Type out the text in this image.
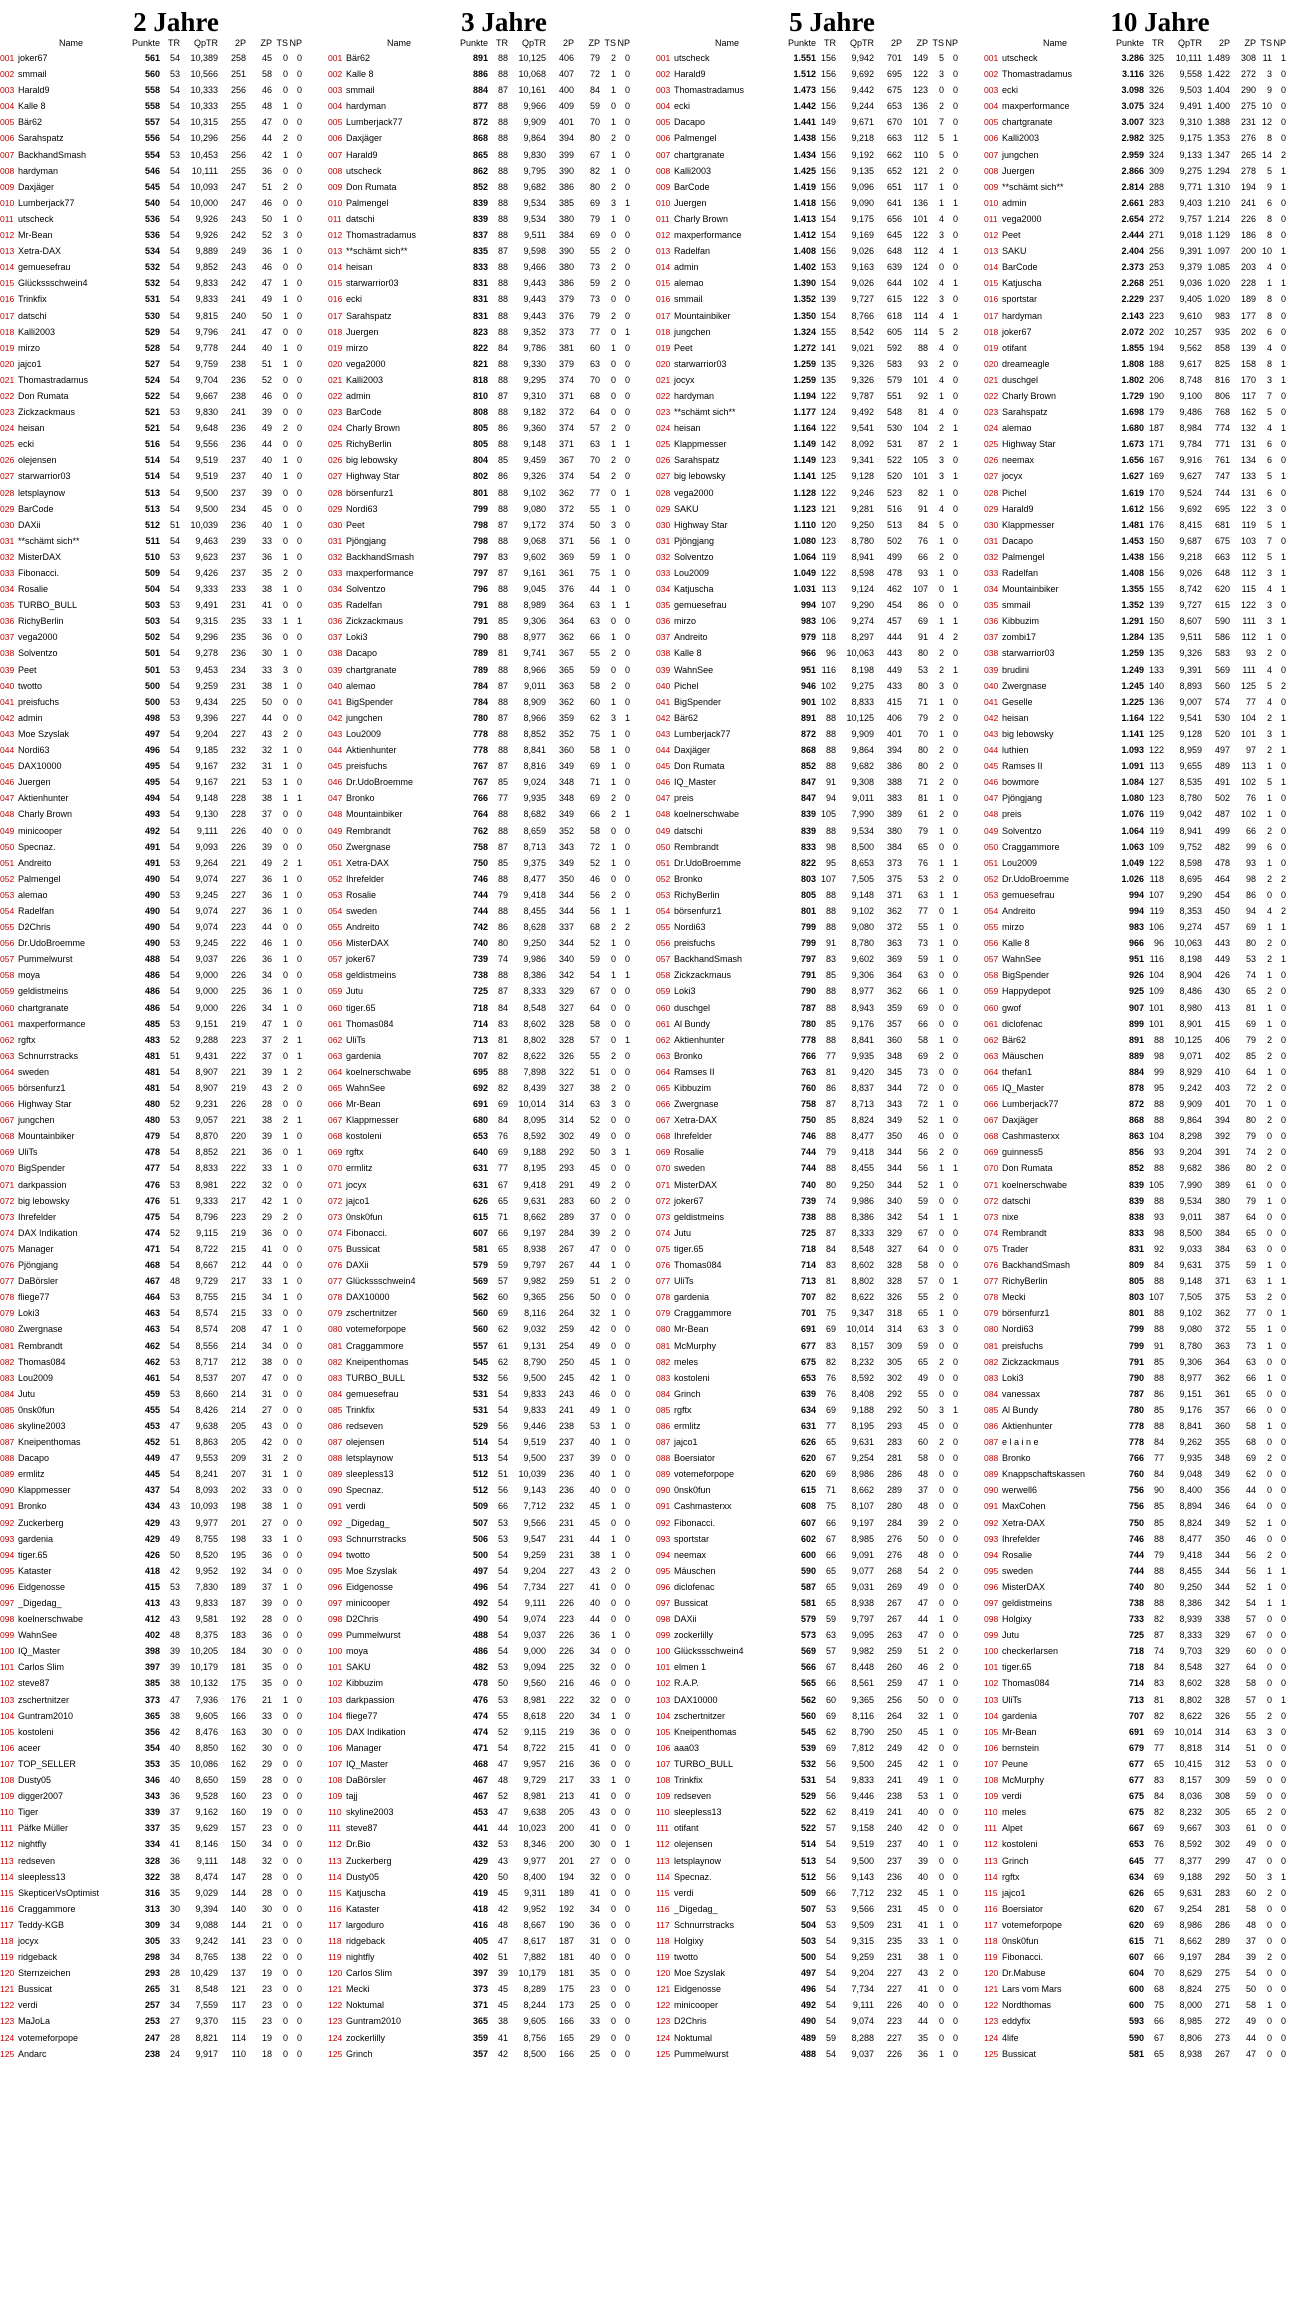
2 Jahre
Name	Punkte TR	QpTR	2P	ZP TS NP
001 joker67	561	54	10,389	258	45	0 0
002 smmail	560	53	10,566	251	58	0 0
003 Harald9	558	54	10,333	256	46	0 0
004 Kalle 8	558	54	10,333	255	48	1 0
005 Bär62	557	54	10,315	255	47	0 0
006 Sarahspatz	556	54	10,296	256	44	2 0
007 BackhandSmash	554	53	10,453	256	42	1 0
008 hardyman	546	54	10,111	255	36	0 0
009 Daxjäger	545	54	10,093	247	51	2 0
010 Lumberjack77	540	54	10,000	247	46	0 0
011 utscheck	536	54	9,926	243	50	1 0
012 Mr-Bean	536	54	9,926	242	52	3 0
013 Xetra-DAX	534	54	9,889	249	36	1 0
014 gemuesefrau	532	54	9,852	243	46	0 0
015 Glückssschwein4	532	54	9,833	242	47	1 0
016 Trinkfix	531	54	9,833	241	49	1 0
017 datschi	530	54	9,815	240	50	1 0
018 Kalli2003	529	54	9,796	241	47	0 0
019 mirzo	528	54	9,778	244	40	1 0
020 jajco1	527	54	9,759	238	51	1 0
021 Thomastradamus	524	54	9,704	236	52	0 0
022 Don Rumata	522	54	9,667	238	46	0 0
023 Zickzackmaus	521	53	9,830	241	39	0 0
024 heisan	521	54	9,648	236	49	2 0
025 ecki	516	54	9,556	236	44	0 0
026 olejensen	514	54	9,519	237	40	1 0
027 starwarrior03	514	54	9,519	237	40	1 0
028 letsplaynow	513	54	9,500	237	39	0 0
029 BarCode	513	54	9,500	234	45	0 0
030 DAXii	512	51	10,039	236	40	1 0
031 **schämt sich**	511	54	9,463	239	33	0 0
032 MisterDAX	510	53	9,623	237	36	1 0
033 Fibonacci.	509	54	9,426	237	35	2 0
034 Rosalie	504	54	9,333	233	38	1 0
035 TURBO_BULL	503	53	9,491	231	41	0 0
036 RichyBerlin	503	54	9,315	235	33	1 1
037 vega2000	502	54	9,296	235	36	0 0
038 Solventzo	501	54	9,278	236	30	1 0
039 Peet	501	53	9,453	234	33	3 0
040 twotto	500	54	9,259	231	38	1 0
041 preisfuchs	500	53	9,434	225	50	0 0
042 admin	498	53	9,396	227	44	0 0
043 Moe Szyslak	497	54	9,204	227	43	2 0
044 Nordi63	496	54	9,185	232	32	1 0
045 DAX10000	495	54	9,167	232	31	1 0
046 Juergen	495	54	9,167	221	53	1 0
047 Aktienhunter	494	54	9,148	228	38	1 1
048 Charly Brown	493	54	9,130	228	37	0 0
049 minicooper	492	54	9,111	226	40	0 0
050 Specnaz.	491	54	9,093	226	39	0 0
051 Andreito	491	53	9,264	221	49	2 1
052 Palmengel	490	54	9,074	227	36	1 0
053 alemao	490	53	9,245	227	36	1 0
054 Radelfan	490	54	9,074	227	36	1 0
055 D2Chris	490	54	9,074	223	44	0 0
056 Dr.UdoBroemme	490	53	9,245	222	46	1 0
057 Pummelwurst	488	54	9,037	226	36	1 0
058 moya	486	54	9,000	226	34	0 0
059 geldistmeins	486	54	9,000	225	36	1 0
060 chartgranate	486	54	9,000	226	34	1 0
061 maxperformance	485	53	9,151	219	47	1 0
062 rgftx	483	52	9,288	223	37	2 1
063 Schnurrstracks	481	51	9,431	222	37	0 1
064 sweden	481	54	8,907	221	39	1 2
065 börsenfurz1	481	54	8,907	219	43	2 0
066 Highway Star	480	52	9,231	226	28	0 0
067 jungchen	480	53	9,057	221	38	2 1
068 Mountainbiker	479	54	8,870	220	39	1 0
069 UliTs	478	54	8,852	221	36	0 1
070 BigSpender	477	54	8,833	222	33	1 0
071 darkpassion	476	53	8,981	222	32	0 0
072 big lebowsky	476	51	9,333	217	42	1 0
073 Ihrefelder	475	54	8,796	223	29	2 0
074 DAX Indikation	474	52	9,115	219	36	0 0
075 Manager	471	54	8,722	215	41	0 0
076 Pjöngjang	468	54	8,667	212	44	0 0
077 DaBörsler	467	48	9,729	217	33	1 0
078 fliege77	464	53	8,755	215	34	1 0
079 Loki3	463	54	8,574	215	33	0 0
080 Zwergnase	463	54	8,574	208	47	1 0
081 Rembrandt	462	54	8,556	214	34	0 0
082 Thomas084	462	53	8,717	212	38	0 0
083 Lou2009	461	54	8,537	207	47	0 0
084 Jutu	459	53	8,660	214	31	0 0
085 0nsk0fun	455	54	8,426	214	27	0 0
086 skyline2003	453	47	9,638	205	43	0 0
087 Kneipenthomas	452	51	8,863	205	42	0 0
088 Dacapo	449	47	9,553	209	31	2 0
089 ermlitz	445	54	8,241	207	31	1 0
090 Klappmesser	437	54	8,093	202	33	0 0
091 Bronko	434	43	10,093	198	38	1 0
092 Zuckerberg	429	43	9,977	201	27	0 0
093 gardenia	429	49	8,755	198	33	1 0
094 tiger.65	426	50	8,520	195	36	0 0
095 Kataster	418	42	9,952	192	34	0 0
096 Eidgenosse	415	53	7,830	189	37	1 0
097 _Digedag_	413	43	9,833	187	39	0 0
098 koelnerschwabe	412	43	9,581	192	28	0 0
099 WahnSee	402	48	8,375	183	36	0 0
100 IQ_Master	398	39	10,205	184	30	0 0
101 Carlos Slim	397	39	10,179	181	35	0 0
102 steve87	385	38	10,132	175	35	0 0
103 zschertnitzer	373	47	7,936	176	21	1 0
104 Guntram2010	365	38	9,605	166	33	0 0
105 kostoleni	356	42	8,476	163	30	0 0
106 aceer	354	40	8,850	162	30	0 0
107 TOP_SELLER	353	35	10,086	162	29	0 0
108 Dusty05	346	40	8,650	159	28	0 0
109 digger2007	343	36	9,528	160	23	0 0
110 Tiger	339	37	9,162	160	19	0 0
111 Päfke Müller	337	35	9,629	157	23	0 0
112 nightfly	334	41	8,146	150	34	0 0
113 redseven	328	36	9,111	148	32	0 0
114 sleepless13	322	38	8,474	147	28	0 0
115 SkepticerVsOptimist	316	35	9,029	144	28	0 0
116 Craggammore	313	30	9,394	140	30	0 0
117 Teddy-KGB	309	34	9,088	144	21	0 0
118 jocyx	305	33	9,242	141	23	0 0
119 ridgeback	298	34	8,765	138	22	0 0
120 Sternzeichen	293	28	10,429	137	19	0 0
121 Bussicat	265	31	8,548	121	23	0 0
122 verdi	257	34	7,559	117	23	0 0
123 MaJoLa	253	27	9,370	115	23	0 0
124 votemeforpope	247	28	8,821	114	19	0 0
125 Andarc	238	24	9,917	110	18	0 0
3 Jahre
Name	Punkte TR	QpTR	2P	ZP TS NP
001 Bär62	891	88	10,125	406	79	2 0
002 Kalle 8	886	88	10,068	407	72	1 0
003 smmail	884	87	10,161	400	84	1 0
004 hardyman	877	88	9,966	409	59	0 0
005 Lumberjack77	872	88	9,909	401	70	1 0
006 Daxjäger	868	88	9,864	394	80	2 0
007 Harald9	865	88	9,830	399	67	1 0
008 utscheck	862	88	9,795	390	82	1 0
009 Don Rumata	852	88	9,682	386	80	2 0
010 Palmengel	839	88	9,534	385	69	3 1
011 datschi	839	88	9,534	380	79	1 0
012 Thomastradamus	837	88	9,511	384	69	0 0
013 **schämt sich**	835	87	9,598	390	55	2 0
014 heisan	833	88	9,466	380	73	2 0
015 starwarrior03	831	88	9,443	386	59	2 0
016 ecki	831	88	9,443	379	73	0 0
017 Sarahspatz	831	88	9,443	376	79	2 0
018 Juergen	823	88	9,352	373	77	0 1
019 mirzo	822	84	9,786	381	60	1 0
020 vega2000	821	88	9,330	379	63	0 0
021 Kalli2003	818	88	9,295	374	70	0 0
022 admin	810	87	9,310	371	68	0 0
023 BarCode	808	88	9,182	372	64	0 0
024 Charly Brown	805	86	9,360	374	57	2 0
025 RichyBerlin	805	88	9,148	371	63	1 1
026 big lebowsky	804	85	9,459	367	70	2 0
027 Highway Star	802	86	9,326	374	54	2 0
028 börsenfurz1	801	88	9,102	362	77	0 1
029 Nordi63	799	88	9,080	372	55	1 0
030 Peet	798	87	9,172	374	50	3 0
031 Pjöngjang	798	88	9,068	371	56	1 0
032 BackhandSmash	797	83	9,602	369	59	1 0
033 maxperformance	797	87	9,161	361	75	1 0
034 Solventzo	796	88	9,045	376	44	1 0
035 Radelfan	791	88	8,989	364	63	1 1
036 Zickzackmaus	791	85	9,306	364	63	0 0
037 Loki3	790	88	8,977	362	66	1 0
038 Dacapo	789	81	9,741	367	55	2 0
039 chartgranate	789	88	8,966	365	59	0 0
040 alemao	784	87	9,011	363	58	2 0
041 BigSpender	784	88	8,909	362	60	1 0
042 jungchen	780	87	8,966	359	62	3 1
043 Lou2009	778	88	8,852	352	75	1 0
044 Aktienhunter	778	88	8,841	360	58	1 0
045 preisfuchs	767	87	8,816	349	69	1 0
046 Dr.UdoBroemme	767	85	9,024	348	71	1 0
047 Bronko	766	77	9,935	348	69	2 0
048 Mountainbiker	764	88	8,682	349	66	2 1
049 Rembrandt	762	88	8,659	352	58	0 0
050 Zwergnase	758	87	8,713	343	72	1 0
051 Xetra-DAX	750	85	9,375	349	52	1 0
052 Ihrefelder	746	88	8,477	350	46	0 0
053 Rosalie	744	79	9,418	344	56	2 0
054 sweden	744	88	8,455	344	56	1 1
055 Andreito	742	86	8,628	337	68	2 2
056 MisterDAX	740	80	9,250	344	52	1 0
057 joker67	739	74	9,986	340	59	0 0
058 geldistmeins	738	88	8,386	342	54	1 1
059 Jutu	725	87	8,333	329	67	0 0
060 tiger.65	718	84	8,548	327	64	0 0
061 Thomas084	714	83	8,602	328	58	0 0
062 UliTs	713	81	8,802	328	57	0 1
063 gardenia	707	82	8,622	326	55	2 0
064 koelnerschwabe	695	88	7,898	322	51	0 0
065 WahnSee	692	82	8,439	327	38	2 0
066 Mr-Bean	691	69	10,014	314	63	3 0
067 Klappmesser	680	84	8,095	314	52	0 0
068 kostoleni	653	76	8,592	302	49	0 0
069 rgftx	640	69	9,188	292	50	3 1
070 ermlitz	631	77	8,195	293	45	0 0
071 jocyx	631	67	9,418	291	49	2 0
072 jajco1	626	65	9,631	283	60	2 0
073 0nsk0fun	615	71	8,662	289	37	0 0
074 Fibonacci.	607	66	9,197	284	39	2 0
075 Bussicat	581	65	8,938	267	47	0 0
076 DAXii	579	59	9,797	267	44	1 0
077 Glückssschwein4	569	57	9,982	259	51	2 0
078 DAX10000	562	60	9,365	256	50	0 0
079 zschertnitzer	560	69	8,116	264	32	1 0
080 votemeforpope	560	62	9,032	259	42	0 0
081 Craggammore	557	61	9,131	254	49	0 0
082 Kneipenthomas	545	62	8,790	250	45	1 0
083 TURBO_BULL	532	56	9,500	245	42	1 0
084 gemuesefrau	531	54	9,833	243	46	0 0
085 Trinkfix	531	54	9,833	241	49	1 0
086 redseven	529	56	9,446	238	53	1 0
087 olejensen	514	54	9,519	237	40	1 0
088 letsplaynow	513	54	9,500	237	39	0 0
089 sleepless13	512	51	10,039	236	40	1 0
090 Specnaz.	512	56	9,143	236	40	0 0
091 verdi	509	66	7,712	232	45	1 0
092 _Digedag_	507	53	9,566	231	45	0 0
093 Schnurrstracks	506	53	9,547	231	44	1 0
094 twotto	500	54	9,259	231	38	1 0
095 Moe Szyslak	497	54	9,204	227	43	2 0
096 Eidgenosse	496	54	7,734	227	41	0 0
097 minicooper	492	54	9,111	226	40	0 0
098 D2Chris	490	54	9,074	223	44	0 0
099 Pummelwurst	488	54	9,037	226	36	1 0
100 moya	486	54	9,000	226	34	0 0
101 SAKU	482	53	9,094	225	32	0 0
102 Kibbuzim	478	50	9,560	216	46	0 0
103 darkpassion	476	53	8,981	222	32	0 0
104 fliege77	474	55	8,618	220	34	1 0
105 DAX Indikation	474	52	9,115	219	36	0 0
106 Manager	471	54	8,722	215	41	0 0
107 IQ_Master	468	47	9,957	216	36	0 0
108 DaBörsler	467	48	9,729	217	33	1 0
109 tajj	467	52	8,981	213	41	0 0
110 skyline2003	453	47	9,638	205	43	0 0
111 steve87	441	44	10,023	200	41	0 0
112 Dr.Bio	432	53	8,346	200	30	0 1
113 Zuckerberg	429	43	9,977	201	27	0 0
114 Dusty05	420	50	8,400	194	32	0 0
115 Katjuscha	419	45	9,311	189	41	0 0
116 Kataster	418	42	9,952	192	34	0 0
117 largoduro	416	48	8,667	190	36	0 0
118 ridgeback	405	47	8,617	187	31	0 0
119 nightfly	402	51	7,882	181	40	0 0
120 Carlos Slim	397	39	10,179	181	35	0 0
121 Mecki	373	45	8,289	175	23	0 0
122 Noktumal	371	45	8,244	173	25	0 0
123 Guntram2010	365	38	9,605	166	33	0 0
124 zockerlilly	359	41	8,756	165	29	0 0
125 Grinch	357	42	8,500	166	25	0 0
5 Jahre
Name	Punkte TR	QpTR	2P	ZP TS NP
001 utscheck	1.551 156	9,942	701	149	5 0
002 Harald9	1.512 156	9,692	695	122	3 0
003 Thomastradamus	1.473 156	9,442	675	123	0 0
004 ecki	1.442 156	9,244	653	136	2 0
005 Dacapo	1.441 149	9,671	670	101	7 0
006 Palmengel	1.438 156	9,218	663	112	5 1
007 chartgranate	1.434 156	9,192	662	110	5 0
008 Kalli2003	1.425 156	9,135	652	121	2 0
009 BarCode	1.419 156	9,096	651	117	1 0
010 Juergen	1.418 156	9,090	641	136	1 1
011 Charly Brown	1.413 154	9,175	656	101	4 0
012 maxperformance	1.412 154	9,169	645	122	3 0
013 Radelfan	1.408 156	9,026	648	112	4 1
014 admin	1.402 153	9,163	639	124	0 0
015 alemao	1.390 154	9,026	644	102	4 1
016 smmail	1.352 139	9,727	615	122	3 0
017 Mountainbiker	1.350 154	8,766	618	114	4 1
018 jungchen	1.324 155	8,542	605	114	5 2
019 Peet	1.272 141	9,021	592	88	4 0
020 starwarrior03	1.259 135	9,326	583	93	2 0
021 jocyx	1.259 135	9,326	579	101	4 0
022 hardyman	1.194 122	9,787	551	92	1 0
023 **schämt sich**	1.177 124	9,492	548	81	4 0
024 heisan	1.164 122	9,541	530	104	2 1
025 Klappmesser	1.149 142	8,092	531	87	2 1
026 Sarahspatz	1.149 123	9,341	522	105	3 0
027 big lebowsky	1.141 125	9,128	520	101	3 1
028 vega2000	1.128 122	9,246	523	82	1 0
029 SAKU	1.123 121	9,281	516	91	4 0
030 Highway Star	1.110 120	9,250	513	84	5 0
031 Pjöngjang	1.080 123	8,780	502	76	1 0
032 Solventzo	1.064 119	8,941	499	66	2 0
033 Lou2009	1.049 122	8,598	478	93	1 0
034 Katjuscha	1.031 113	9,124	462	107	0 1
035 gemuesefrau	994 107	9,290	454	86	0 0
036 mirzo	983 106	9,274	457	69	1 1
037 Andreito	979 118	8,297	444	91	4 2
038 Kalle 8	966	96	10,063	443	80	2 0
039 WahnSee	951 116	8,198	449	53	2 1
040 Pichel	946 102	9,275	433	80	3 0
041 BigSpender	901 102	8,833	415	71	1 0
042 Bär62	891	88	10,125	406	79	2 0
043 Lumberjack77	872	88	9,909	401	70	1 0
044 Daxjäger	868	88	9,864	394	80	2 0
045 Don Rumata	852	88	9,682	386	80	2 0
046 IQ_Master	847	91	9,308	388	71	2 0
047 preis	847	94	9,011	383	81	1 0
048 koelnerschwabe	839 105	7,990	389	61	2 0
049 datschi	839	88	9,534	380	79	1 0
050 Rembrandt	833	98	8,500	384	65	0 0
051 Dr.UdoBroemme	822	95	8,653	373	76	1 1
052 Bronko	803 107	7,505	375	53	2 0
053 RichyBerlin	805	88	9,148	371	63	1 1
054 börsenfurz1	801	88	9,102	362	77	0 1
055 Nordi63	799	88	9,080	372	55	1 0
056 preisfuchs	799	91	8,780	363	73	1 0
057 BackhandSmash	797	83	9,602	369	59	1 0
058 Zickzackmaus	791	85	9,306	364	63	0 0
059 Loki3	790	88	8,977	362	66	1 0
060 duschgel	787	88	8,943	359	69	0 0
061 Al Bundy	780	85	9,176	357	66	0 0
062 Aktienhunter	778	88	8,841	360	58	1 0
063 Bronko	766	77	9,935	348	69	2 0
064 Ramses II	763	81	9,420	345	73	0 0
065 Kibbuzim	760	86	8,837	344	72	0 0
066 Zwergnase	758	87	8,713	343	72	1 0
067 Xetra-DAX	750	85	8,824	349	52	1 0
068 Ihrefelder	746	88	8,477	350	46	0 0
069 Rosalie	744	79	9,418	344	56	2 0
070 sweden	744	88	8,455	344	56	1 1
071 MisterDAX	740	80	9,250	344	52	1 0
072 joker67	739	74	9,986	340	59	0 0
073 geldistmeins	738	88	8,386	342	54	1 1
074 Jutu	725	87	8,333	329	67	0 0
075 tiger.65	718	84	8,548	327	64	0 0
076 Thomas084	714	83	8,602	328	58	0 0
077 UliTs	713	81	8,802	328	57	0 1
078 gardenia	707	82	8,622	326	55	2 0
079 Craggammore	701	75	9,347	318	65	1 0
080 Mr-Bean	691	69	10,014	314	63	3 0
081 McMurphy	677	83	8,157	309	59	0 0
082 meles	675	82	8,232	305	65	2 0
083 kostoleni	653	76	8,592	302	49	0 0
084 Grinch	639	76	8,408	292	55	0 0
085 rgftx	634	69	9,188	292	50	3 1
086 ermlitz	631	77	8,195	293	45	0 0
087 jajco1	626	65	9,631	283	60	2 0
088 Boersiator	620	67	9,254	281	58	0 0
089 votemeforpope	620	69	8,986	286	48	0 0
090 0nsk0fun	615	71	8,662	289	37	0 0
091 Cashmasterxx	608	75	8,107	280	48	0 0
092 Fibonacci.	607	66	9,197	284	39	2 0
093 sportstar	602	67	8,985	276	50	0 0
094 neemax	600	66	9,091	276	48	0 0
095 Mäuschen	590	65	9,077	268	54	2 0
096 diclofenac	587	65	9,031	269	49	0 0
097 Bussicat	581	65	8,938	267	47	0 0
098 DAXii	579	59	9,797	267	44	1 0
099 zockerlilly	573	63	9,095	263	47	0 0
100 Glückssschwein4	569	57	9,982	259	51	2 0
101 elmen 1	566	67	8,448	260	46	2 0
102 R.A.P.	565	66	8,561	259	47	1 0
103 DAX10000	562	60	9,365	256	50	0 0
104 zschertnitzer	560	69	8,116	264	32	1 0
105 Kneipenthomas	545	62	8,790	250	45	1 0
106 aaa03	539	69	7,812	249	42	0 0
107 TURBO_BULL	532	56	9,500	245	42	1 0
108 Trinkfix	531	54	9,833	241	49	1 0
109 redseven	529	56	9,446	238	53	1 0
110 sleepless13	522	62	8,419	241	40	0 0
111 otifant	522	57	9,158	240	42	0 0
112 olejensen	514	54	9,519	237	40	1 0
113 letsplaynow	513	54	9,500	237	39	0 0
114 Specnaz.	512	56	9,143	236	40	0 0
115 verdi	509	66	7,712	232	45	1 0
116 _Digedag_	507	53	9,566	231	45	0 0
117 Schnurrstracks	504	53	9,509	231	41	1 0
118 Holgixy	503	54	9,315	235	33	1 0
119 twotto	500	54	9,259	231	38	1 0
120 Moe Szyslak	497	54	9,204	227	43	2 0
121 Eidgenosse	496	54	7,734	227	41	0 0
122 minicooper	492	54	9,111	226	40	0 0
123 D2Chris	490	54	9,074	223	44	0 0
124 Noktumal	489	59	8,288	227	35	0 0
125 Pummelwurst	488	54	9,037	226	36	1 0
10 Jahre
Name	Punkte TR	QpTR	2P	ZP TS NP
001 utscheck	3.286 325	10,111 1.489	308 11 1
002 Thomastradamus	3.116 326	9,558 1.422	272	3 0
003 ecki	3.098 326	9,503 1.404	290	9 0
004 maxperformance	3.075 324	9,491 1.400	275 10 0
005 chartgranate	3.007 323	9,310 1.388	231 12 0
006 Kalli2003	2.982 325	9,175 1.353	276	8 0
007 jungchen	2.959 324	9,133 1.347	265 14 2
008 Juergen	2.866 309	9,275 1.294	278	5 1
009 **schämt sich**	2.814 288	9,771 1.310	194	9 1
010 admin	2.661 283	9,403 1.210	241	6 0
011 vega2000	2.654 272	9,757 1.214	226	8 0
012 Peet	2.444 271	9,018 1.129	186	8 0
013 SAKU	2.404 256	9,391 1.097	200 10 1
014 BarCode	2.373 253	9,379 1.085	203	4 0
015 Katjuscha	2.268 251	9,036 1.020	228	1 1
016 sportstar	2.229 237	9,405 1.020	189	8 0
017 hardyman	2.143 223	9,610	983	177	8 0
018 joker67	2.072 202	10,257	935	202	6 0
019 otifant	1.855 194	9,562	858	139	4 0
020 dreameagle	1.808 188	9,617	825	158	8 1
021 duschgel	1.802 206	8,748	816	170	3 1
022 Charly Brown	1.729 190	9,100	806	117	7 0
023 Sarahspatz	1.698 179	9,486	768	162	5 0
024 alemao	1.680 187	8,984	774	132	4 1
025 Highway Star	1.673 171	9,784	771	131	6 0
026 neemax	1.656 167	9,916	761	134	6 0
027 jocyx	1.627 169	9,627	747	133	5 1
028 Pichel	1.619 170	9,524	744	131	6 0
029 Harald9	1.612 156	9,692	695	122	3 0
030 Klappmesser	1.481 176	8,415	681	119	5 1
031 Dacapo	1.453 150	9,687	675	103	7 0
032 Palmengel	1.438 156	9,218	663	112	5 1
033 Radelfan	1.408 156	9,026	648	112	3 1
034 Mountainbiker	1.355 155	8,742	620	115	4 1
035 smmail	1.352 139	9,727	615	122	3 0
036 Kibbuzim	1.291 150	8,607	590	111	3 1
037 zombi17	1.284 135	9,511	586	112	1 0
038 starwarrior03	1.259 135	9,326	583	93	2 0
039 brudini	1.249 133	9,391	569	111	4 0
040 Zwergnase	1.245 140	8,893	560	125	5 2
041 Geselle	1.225 136	9,007	574	77	4 0
042 heisan	1.164 122	9,541	530	104	2 1
043 big lebowsky	1.141 125	9,128	520	101	3 1
044 luthien	1.093 122	8,959	497	97	2 1
045 Ramses II	1.091 113	9,655	489	113	1 0
046 bowmore	1.084 127	8,535	491	102	5 1
047 Pjöngjang	1.080 123	8,780	502	76	1 0
048 preis	1.076 119	9,042	487	102	1 0
049 Solventzo	1.064 119	8,941	499	66	2 0
050 Craggammore	1.063 109	9,752	482	99	6 0
051 Lou2009	1.049 122	8,598	478	93	1 0
052 Dr.UdoBroemme	1.026 118	8,695	464	98	2 2
053 gemuesefrau	994 107	9,290	454	86	0 0
054 Andreito	994 119	8,353	450	94	4 2
055 mirzo	983 106	9,274	457	69	1 1
056 Kalle 8	966	96	10,063	443	80	2 0
057 WahnSee	951 116	8,198	449	53	2 1
058 BigSpender	926 104	8,904	426	74	1 0
059 Happydepot	925 109	8,486	430	65	2 0
060 gwof	907 101	8,980	413	81	1 0
061 diclofenac	899 101	8,901	415	69	1 0
062 Bär62	891	88	10,125	406	79	2 0
063 Mäuschen	889	98	9,071	402	85	2 0
064 thefan1	884	99	8,929	410	64	1 0
065 IQ_Master	878	95	9,242	403	72	2 0
066 Lumberjack77	872	88	9,909	401	70	1 0
067 Daxjäger	868	88	9,864	394	80	2 0
068 Cashmasterxx	863 104	8,298	392	79	0 0
069 guinness5	856	93	9,204	391	74	2 0
070 Don Rumata	852	88	9,682	386	80	2 0
071 koelnerschwabe	839 105	7,990	389	61	0 0
072 datschi	839	88	9,534	380	79	1 0
073 nixe	838	93	9,011	387	64	0 0
074 Rembrandt	833	98	8,500	384	65	0 0
075 Trader	831	92	9,033	384	63	0 0
076 BackhandSmash	809	84	9,631	375	59	1 0
077 RichyBerlin	805	88	9,148	371	63	1 1
078 Mecki	803 107	7,505	375	53	2 0
079 börsenfurz1	801	88	9,102	362	77	0 1
080 Nordi63	799	88	9,080	372	55	1 0
081 preisfuchs	799	91	8,780	363	73	1 0
082 Zickzackmaus	791	85	9,306	364	63	0 0
083 Loki3	790	88	8,977	362	66	1 0
084 vanessax	787	86	9,151	361	65	0 0
085 Al Bundy	780	85	9,176	357	66	0 0
086 Aktienhunter	778	88	8,841	360	58	1 0
087 e l a i n e	778	84	9,262	355	68	0 0
088 Bronko	766	77	9,935	348	69	2 0
089 Knappschaftskassen	760	84	9,048	349	62	0 0
090 werwell6	756	90	8,400	356	44	0 0
091 MaxCohen	756	85	8,894	346	64	0 0
092 Xetra-DAX	750	85	8,824	349	52	1 0
093 Ihrefelder	746	88	8,477	350	46	0 0
094 Rosalie	744	79	9,418	344	56	2 0
095 sweden	744	88	8,455	344	56	1 1
096 MisterDAX	740	80	9,250	344	52	1 0
097 geldistmeins	738	88	8,386	342	54	1 1
098 Holgixy	733	82	8,939	338	57	0 0
099 Jutu	725	87	8,333	329	67	0 0
100 checkerlarsen	718	74	9,703	329	60	0 0
101 tiger.65	718	84	8,548	327	64	0 0
102 Thomas084	714	83	8,602	328	58	0 0
103 UliTs	713	81	8,802	328	57	0 1
104 gardenia	707	82	8,622	326	55	2 0
105 Mr-Bean	691	69	10,014	314	63	3 0
106 bernstein	679	77	8,818	314	51	0 0
107 Peune	677	65	10,415	312	53	0 0
108 McMurphy	677	83	8,157	309	59	0 0
109 verdi	675	84	8,036	308	59	0 0
110 meles	675	82	8,232	305	65	2 0
111 Alpet	667	69	9,667	303	61	0 0
112 kostoleni	653	76	8,592	302	49	0 0
113 Grinch	645	77	8,377	299	47	0 0
114 rgftx	634	69	9,188	292	50	3 1
115 jajco1	626	65	9,631	283	60	2 0
116 Boersiator	620	67	9,254	281	58	0 0
117 votemeforpope	620	69	8,986	286	48	0 0
118 0nsk0fun	615	71	8,662	289	37	0 0
119 Fibonacci.	607	66	9,197	284	39	2 0
120 Dr.Mabuse	604	70	8,629	275	54	0 0
121 Lars vom Mars	600	68	8,824	275	50	0 0
122 Nordthomas	600	75	8,000	271	58	1 0
123 eddyfix	593	66	8,985	272	49	0 0
124 4life	590	67	8,806	273	44	0 0
125 Bussicat	581	65	8,938	267	47	0 0
